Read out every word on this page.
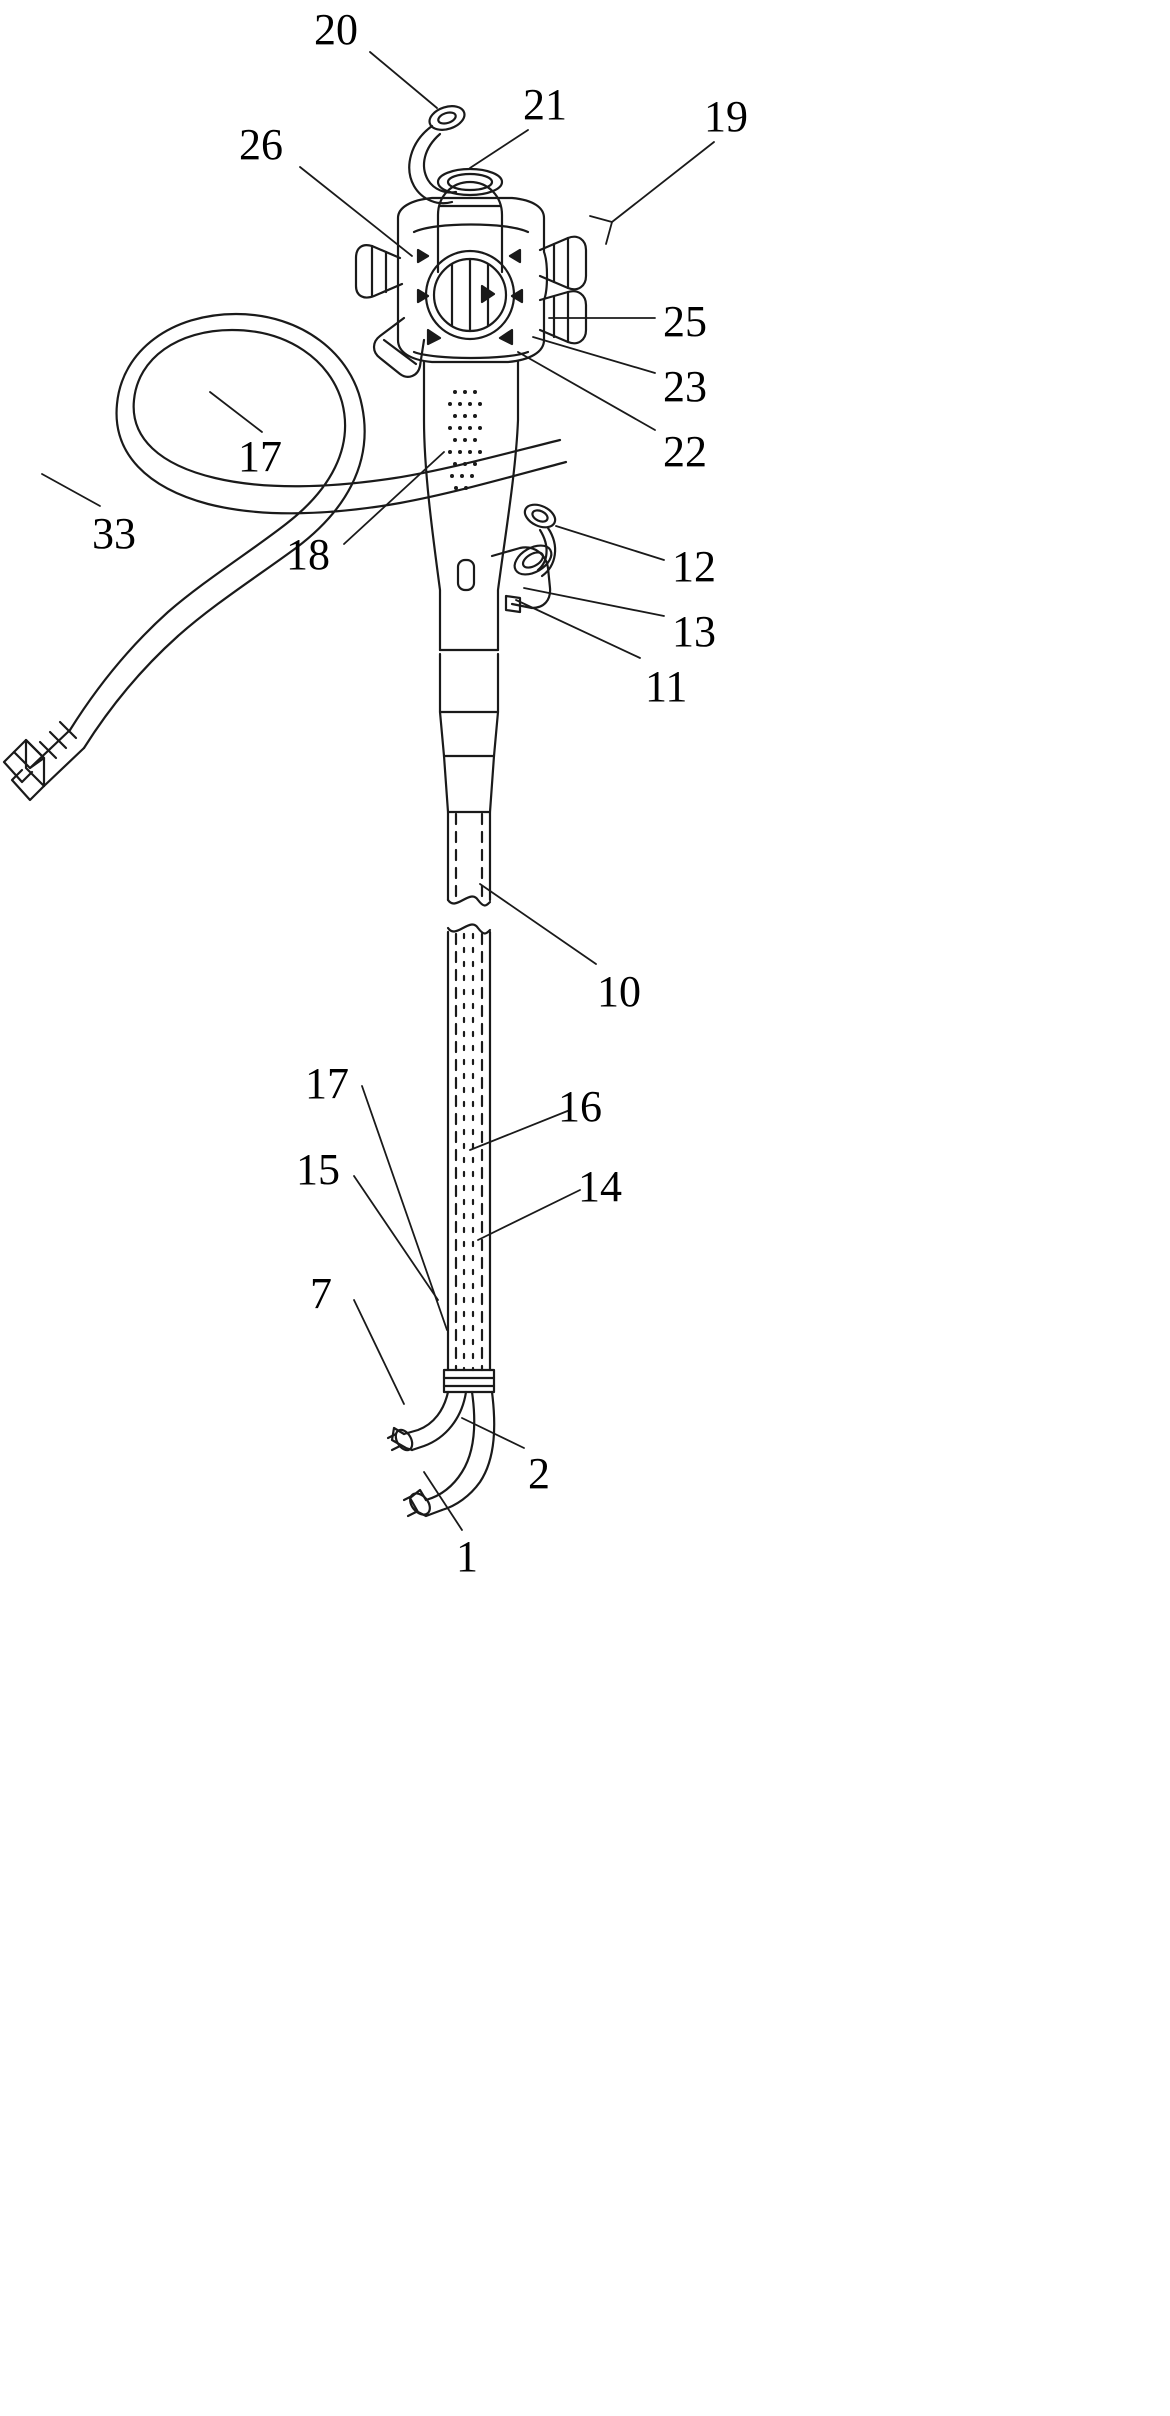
20
21	19
26
25
23
22
17
33	18	12
13
11
10
17	16
15	14
7
2
1
